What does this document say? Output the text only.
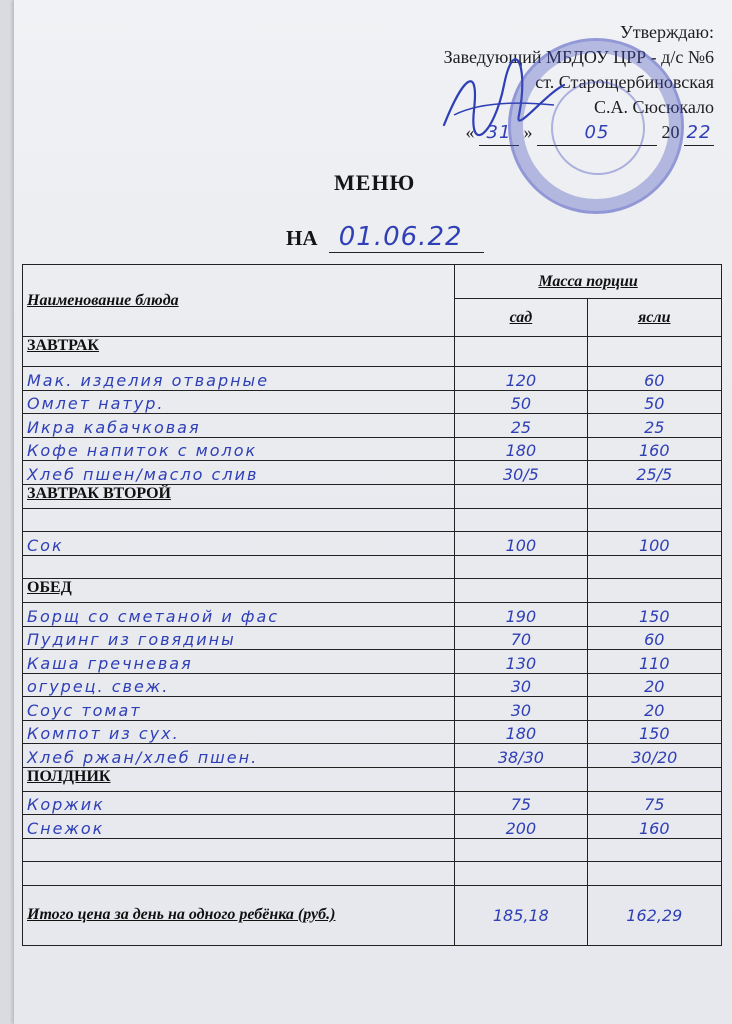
Утверждаю:
Заведующий МБДОУ ЦРР - д/с №6
ст. Старощербиновская
С.А. Сюсюкало
« 31 »	05	20 22
МЕНЮ
НА 01.06.22
Наименование блюда	Масса порции	
	сад	ясли
ЗАВТРАК		
Мак. изделия отварные	120	60
Омлет натур.	50	50
Икра кабачковая	25	25
Кофе напиток с молок	180	160
Хлеб пшен/масло слив	30/5	25/5
ЗАВТРАК ВТОРОЙ		

Сок	100	100

ОБЕД		
Борщ со сметаной и фас	190	150
Пудинг из говядины	70	60
Каша гречневая	130	110
огурец. свеж.	30	20
Соус томат	30	20
Компот из сух.	180	150
Хлеб ржан/хлеб пшен.	38/30	30/20
ПОЛДНИК		
Коржик	75	75
Снежок	200	160

Итого цена за день на одного ребёнка (руб.)	185,18	162,29
